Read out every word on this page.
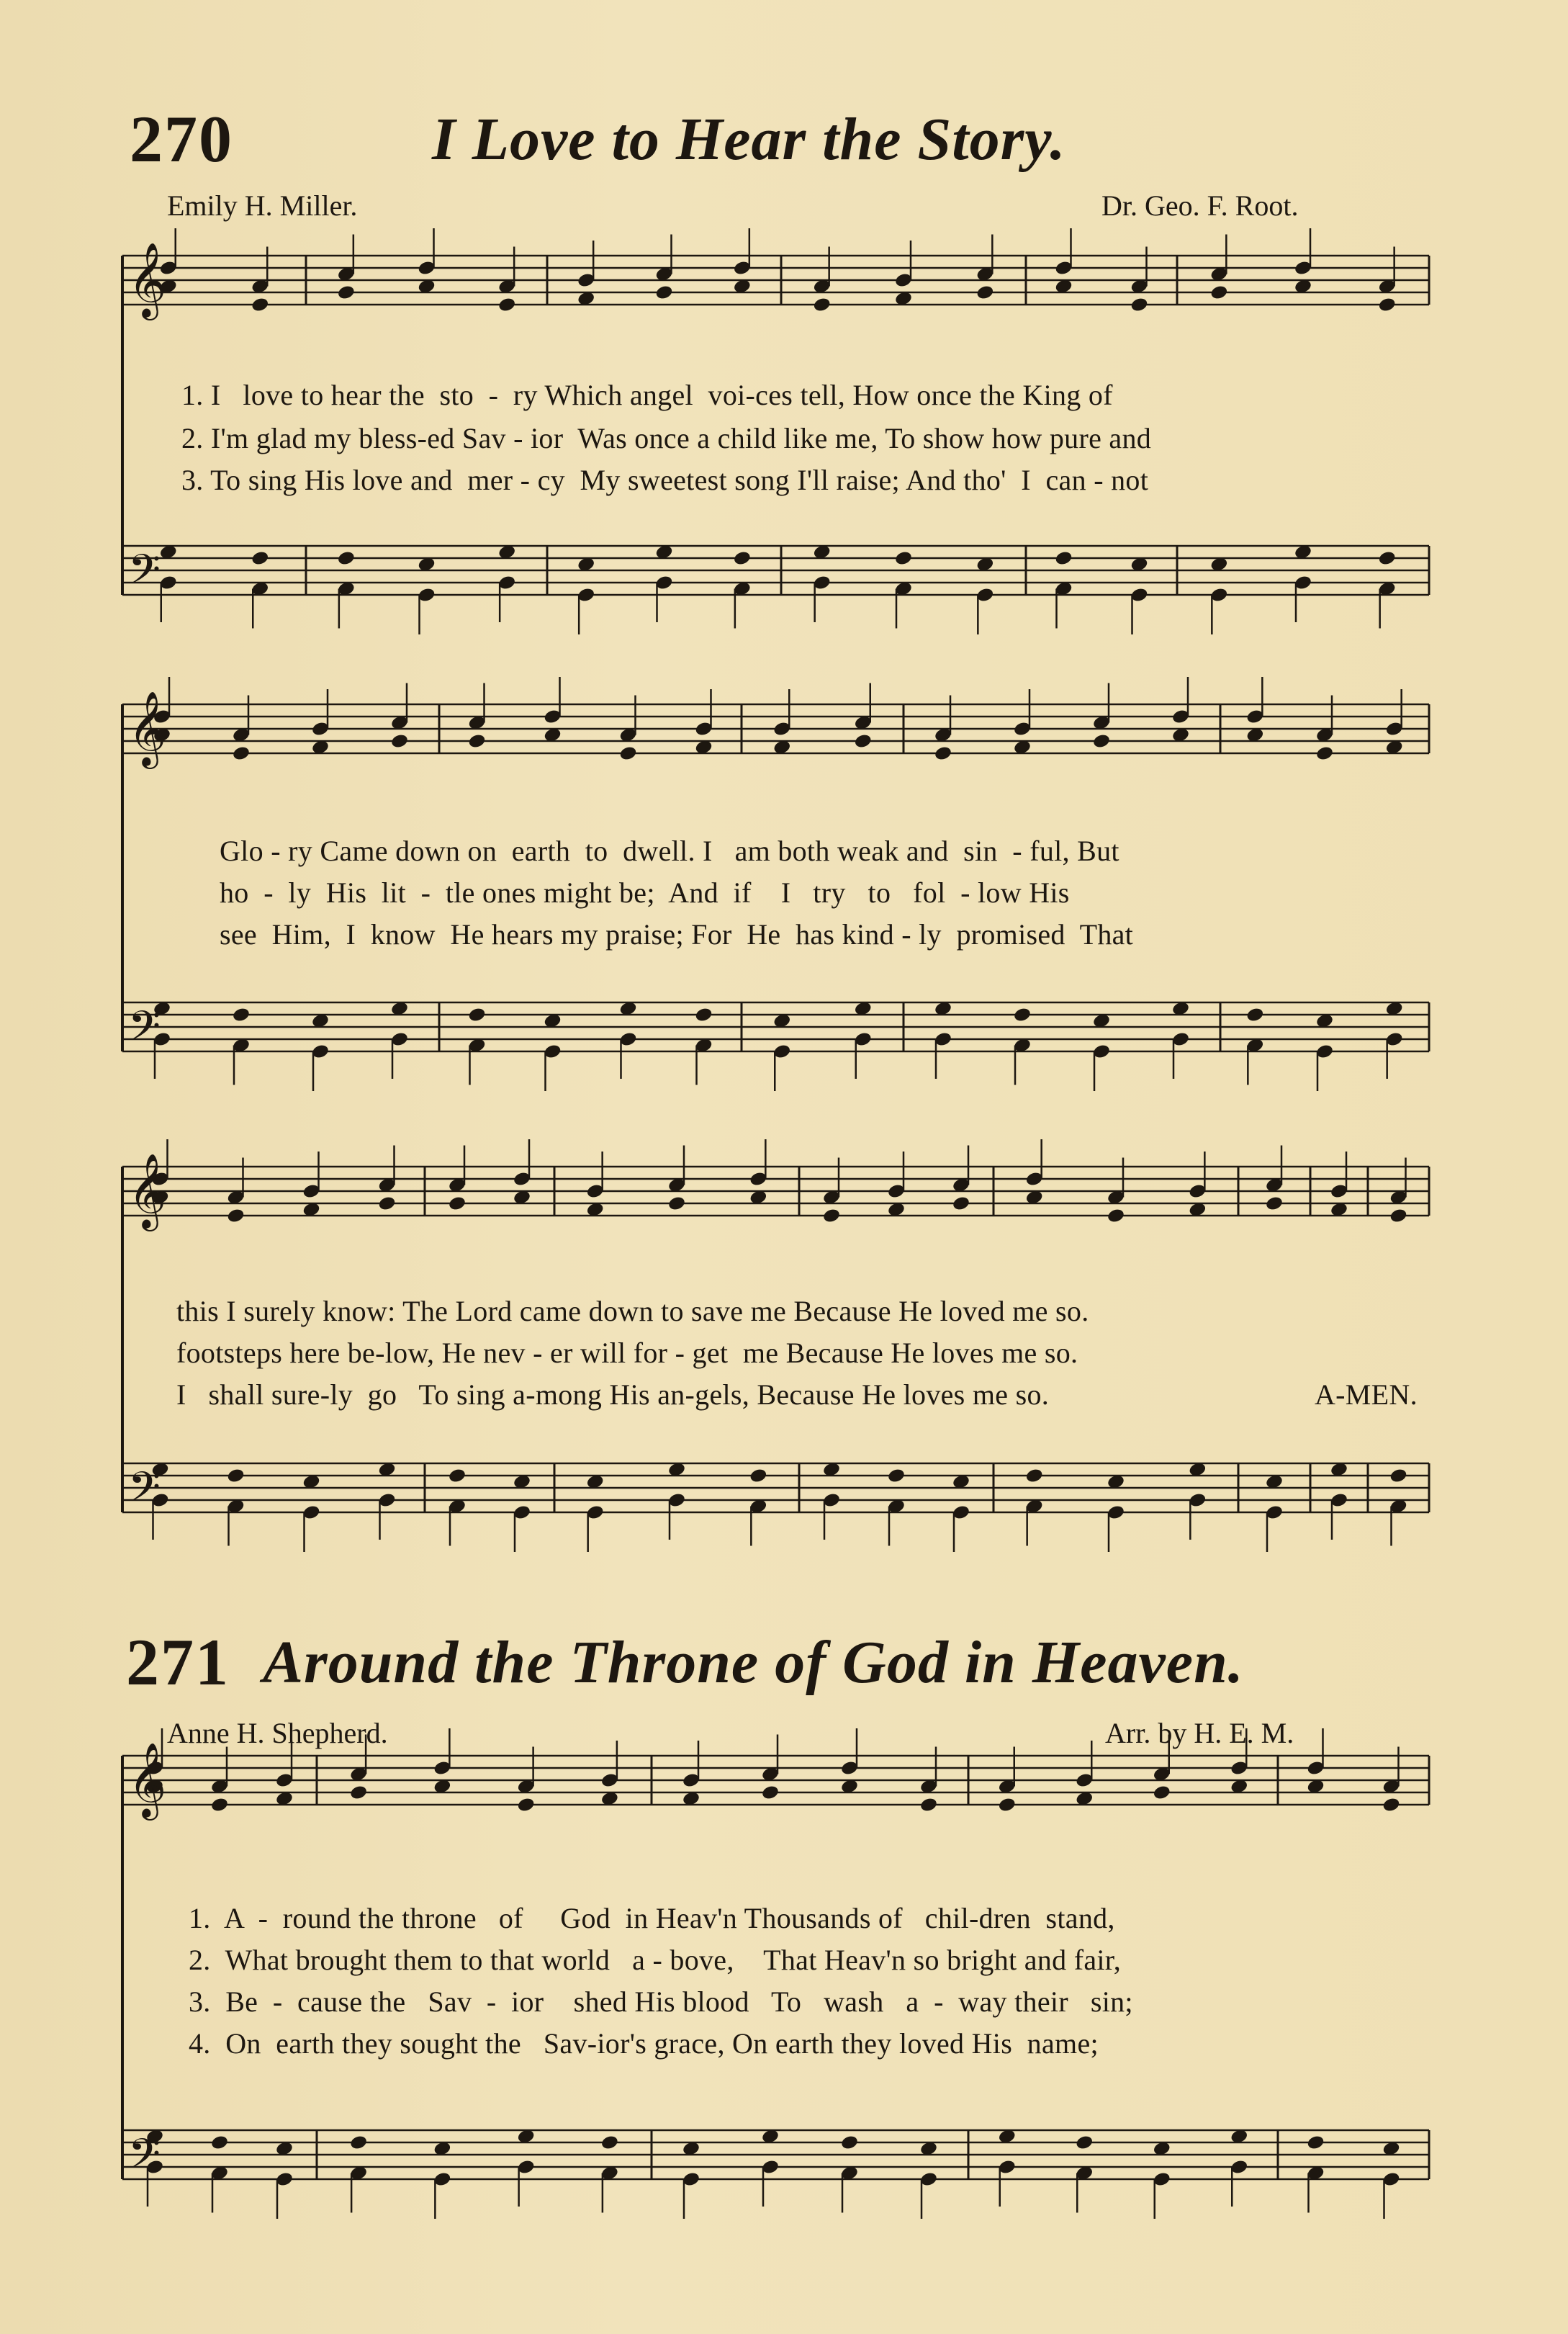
270	I Love to Hear the Story.
Emily H. Miller.	Dr. Geo. F. Root.
𝄞
𝄢
𝄞
𝄢
𝄞
𝄢
𝄞
𝄢
1. I   love to hear the  sto  -  ry Which angel  voi-ces tell, How once the King of
2. I'm glad my bless-ed Sav - ior  Was once a child like me, To show how pure and
3. To sing His love and  mer - cy  My sweetest song I'll raise; And tho'  I  can - not
Glo - ry Came down on  earth  to  dwell. I   am both weak and  sin  - ful, But
ho  -  ly  His  lit  -  tle ones might be;  And  if    I   try   to   fol  - low His
see  Him,  I  know  He hears my praise; For  He  has kind - ly  promised  That
this I surely know: The Lord came down to save me Because He loved me so.
footsteps here be-low, He nev - er will for - get  me Because He loves me so.
I   shall sure-ly  go   To sing a-mong His an-gels, Because He loves me so.	A-MEN.
271 Around the Throne of God in Heaven.
Anne H. Shepherd.	Arr. by H. E. M.
1.  A  -  round the throne   of     God  in Heav'n Thousands of   chil-dren  stand,
2.  What brought them to that world   a - bove,    That Heav'n so bright and fair,
3.  Be  -  cause the   Sav  -  ior    shed His blood   To   wash   a  -  way their   sin;
4.  On  earth they sought the   Sav-ior's grace, On earth they loved His  name;
